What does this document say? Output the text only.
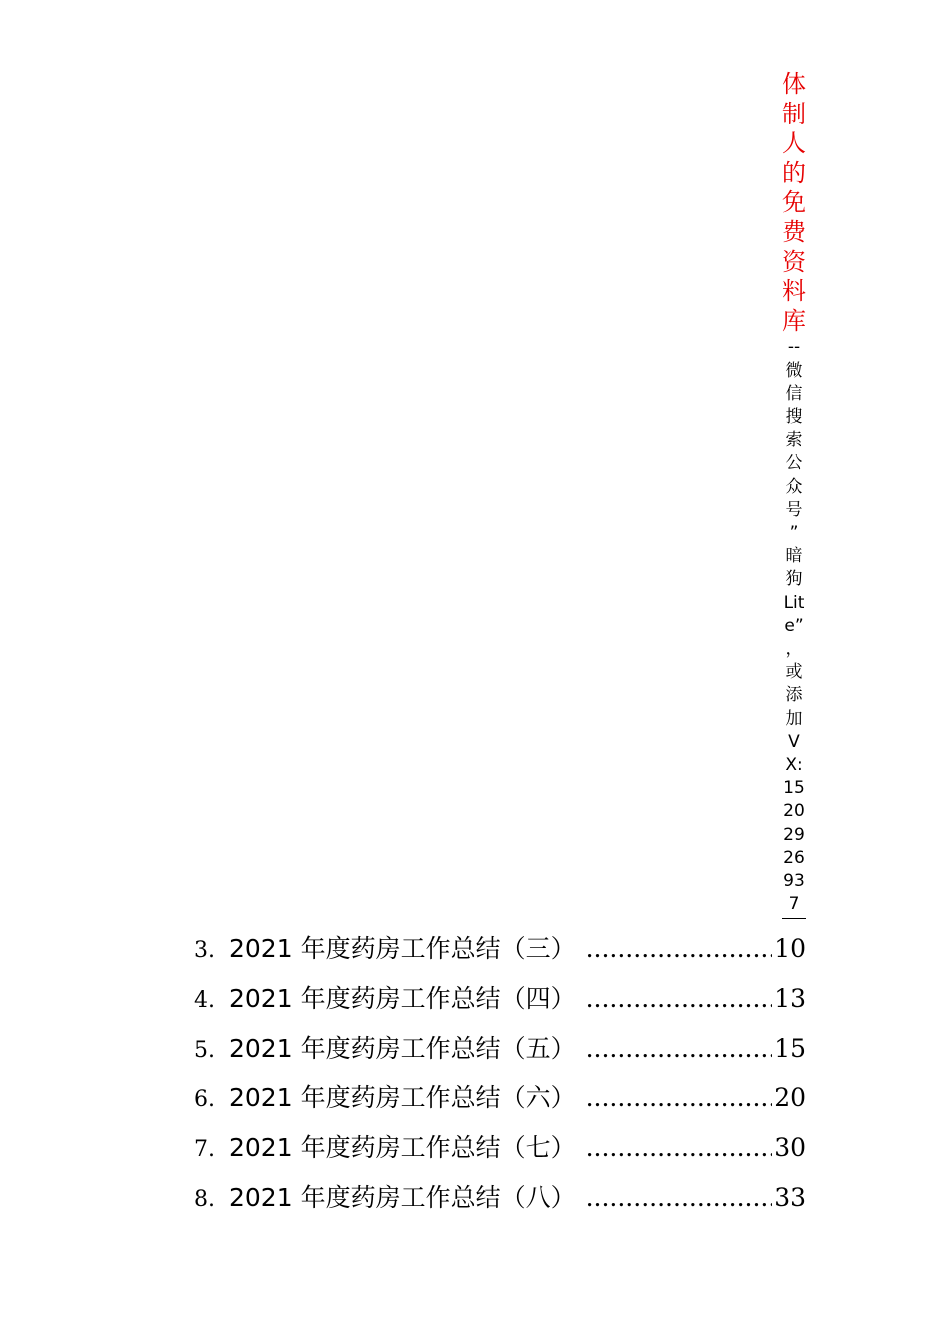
体制人的免费资料库
--微信搜索公众号”暗狗Lite”，或添加VX:15202926937
3. 2021 年度药房工作总结（三） .....	10
4. 2021 年度药房工作总结（四） .....	13
5. 2021 年度药房工作总结（五） .....	15
6. 2021 年度药房工作总结（六） .....	20
7. 2021 年度药房工作总结（七） .....	30
8. 2021 年度药房工作总结（八） .....	33
